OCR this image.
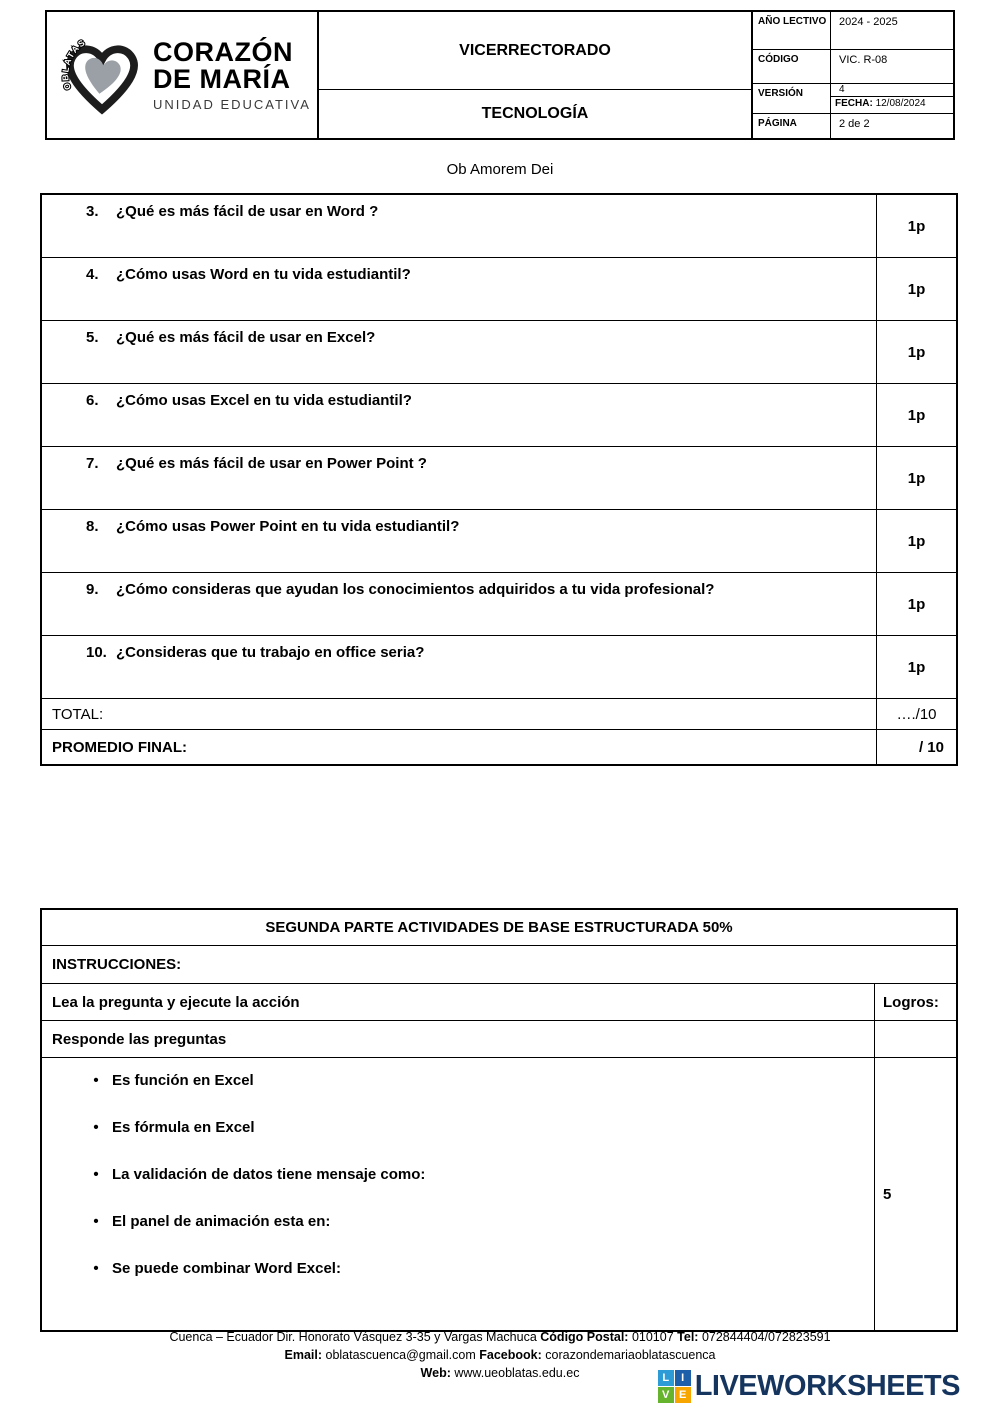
OBLATAS CORAZÓN
DE MARÍA
UNIDAD EDUCATIVA
VICERRECTORADO
TECNOLOGÍA
AÑO LECTIVO	2024 - 2025
CÓDIGO	VIC. R-08
VERSIÓN	4
FECHA: 12/08/2024
PÁGINA	2 de 2
Ob Amorem Dei
3.	¿Qué es más fácil de usar en Word ?
1p
4.	¿Cómo usas Word en tu vida estudiantil?
1p
5.	¿Qué es más fácil de usar en Excel?
1p
6.	¿Cómo usas Excel en tu vida estudiantil?
1p
7.	¿Qué es más fácil de usar en Power Point ?
1p
8.	¿Cómo usas Power Point en tu vida estudiantil?
1p
9.	¿Cómo consideras que ayudan los conocimientos adquiridos a tu vida profesional?
1p
10. ¿Consideras que tu trabajo en office seria?
1p
TOTAL:	…./10
PROMEDIO FINAL:	/ 10
SEGUNDA PARTE ACTIVIDADES DE BASE ESTRUCTURADA 50%
INSTRUCCIONES:
Lea la pregunta y ejecute la acción	Logros:
Responde las preguntas
• Es función en Excel
• Es fórmula en Excel
• La validación de datos tiene mensaje como:
• El panel de animación esta en:
• Se puede combinar Word Excel:
5
Cuenca – Ecuador Dir. Honorato Vásquez 3-35 y Vargas Machuca Código Postal: 010107 Tel: 072844404/072823591
Email: oblatascuenca@gmail.com Facebook: corazondemariaoblatascuenca
Web: www.ueoblatas.edu.ec	L	I
V E LIVEWORKSHEETS
